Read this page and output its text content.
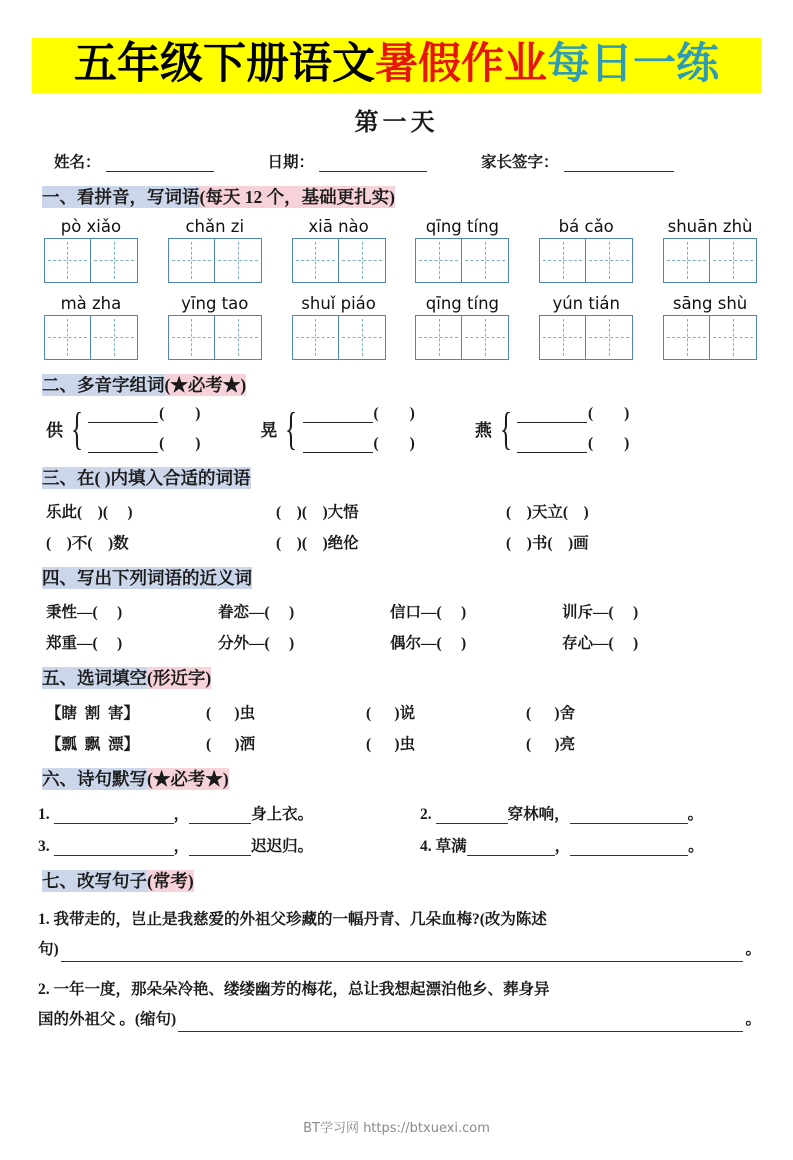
五年级下册语文暑假作业每日一练
第一天
姓名：	日期：	家长签字：
一、看拼音，写词语(每天 12 个，基础更扎实)
pò xiǎo	chǎn zi	xiā nào	qīng tíng	bá cǎo	shuān zhù
mà zha	yīng tao	shuǐ piáo	qīng tíng	yún tián	sāng shù
二、多音字组词(★必考★)
供 {	(        )
(        )
晃 {	(        )
(        )
燕 {	(        )
(        )
三、在( )内填入合适的词语
乐此(    )(     )	(    )(    )大悟	(    )天立(    )
(    )不(    )数	(    )(    )绝伦	(    )书(    )画
四、写出下列词语的近义词
秉性—(     )	眷恋—(     )	信口—(     )	训斥—(     )
郑重—(     )	分外—(     )	偶尔—(     )	存心—(     )
五、选词填空(形近字)
【瞎  割  害】	(      )虫	(      )说	(      )舍
【瓢  飘  漂】	(      )洒	(      )虫	(      )亮
六、诗句默写(★必考★)
1.	，	身上衣。	2.	穿林响，	。
3.	，	迟迟归。	4. 草满	，	。
七、改写句子(常考)
1. 我带走的，岂止是我慈爱的外祖父珍藏的一幅丹青、几朵血梅?(改为陈述
句)	。
2. 一年一度，那朵朵冷艳、缕缕幽芳的梅花，总让我想起漂泊他乡、葬身异
国的外祖父 。(缩句)	。
BT学习网 https://btxuexi.com
